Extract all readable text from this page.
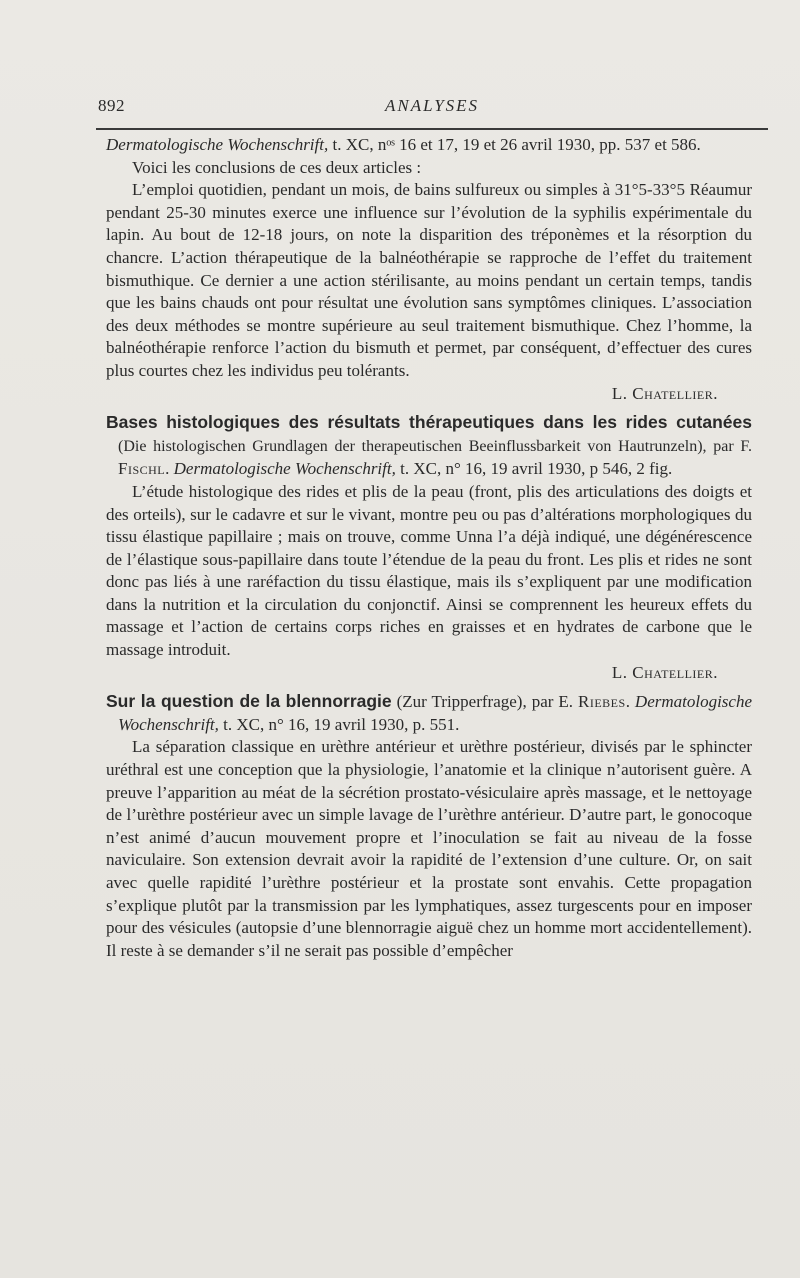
892	ANALYSES

Dermatologische Wochenschrift, t. XC, nᵒˢ 16 et 17, 19 et 26 avril 1930, pp. 537 et 586.

Voici les conclusions de ces deux articles :

L’emploi quotidien, pendant un mois, de bains sulfureux ou simples à 31°5-33°5 Réaumur pendant 25-30 minutes exerce une influence sur l’évolution de la syphilis expérimentale du lapin. Au bout de 12-18 jours, on note la disparition des tréponèmes et la résorption du chancre. L’action thérapeutique de la balnéothérapie se rapproche de l’effet du traitement bismuthique. Ce dernier a une action stérilisante, au moins pendant un certain temps, tandis que les bains chauds ont pour résultat une évolution sans symptômes cliniques. L’association des deux méthodes se montre supérieure au seul traitement bismuthique. Chez l’homme, la balnéothérapie renforce l’action du bismuth et permet, par conséquent, d’effectuer des cures plus courtes chez les individus peu tolérants.

L. Chatellier.

Bases histologiques des résultats thérapeutiques dans les rides cutanées (Die histologischen Grundlagen der therapeutischen Beeinflussbarkeit von Hautrunzeln), par F. Fischl. Dermatologische Wochenschrift, t. XC, n° 16, 19 avril 1930, p 546, 2 fig.

L’étude histologique des rides et plis de la peau (front, plis des articulations des doigts et des orteils), sur le cadavre et sur le vivant, montre peu ou pas d’altérations morphologiques du tissu élastique papillaire ; mais on trouve, comme Unna l’a déjà indiqué, une dégénérescence de l’élastique sous-papillaire dans toute l’étendue de la peau du front. Les plis et rides ne sont donc pas liés à une raréfaction du tissu élastique, mais ils s’expliquent par une modification dans la nutrition et la circulation du conjonctif. Ainsi se comprennent les heureux effets du massage et l’action de certains corps riches en graisses et en hydrates de carbone que le massage introduit.

L. Chatellier.

Sur la question de la blennorragie (Zur Tripperfrage), par E. Riebes. Dermatologische Wochenschrift, t. XC, n° 16, 19 avril 1930, p. 551.

La séparation classique en urèthre antérieur et urèthre postérieur, divisés par le sphincter uréthral est une conception que la physiologie, l’anatomie et la clinique n’autorisent guère. A preuve l’apparition au méat de la sécrétion prostato-vésiculaire après massage, et le nettoyage de l’urèthre postérieur avec un simple lavage de l’urèthre antérieur. D’autre part, le gonocoque n’est animé d’aucun mouvement propre et l’inoculation se fait au niveau de la fosse naviculaire. Son extension devrait avoir la rapidité de l’extension d’une culture. Or, on sait avec quelle rapidité l’urèthre postérieur et la prostate sont envahis. Cette propagation s’explique plutôt par la transmission par les lymphatiques, assez turgescents pour en imposer pour des vésicules (autopsie d’une blennorragie aiguë chez un homme mort accidentellement). Il reste à se demander s’il ne serait pas possible d’empêcher
